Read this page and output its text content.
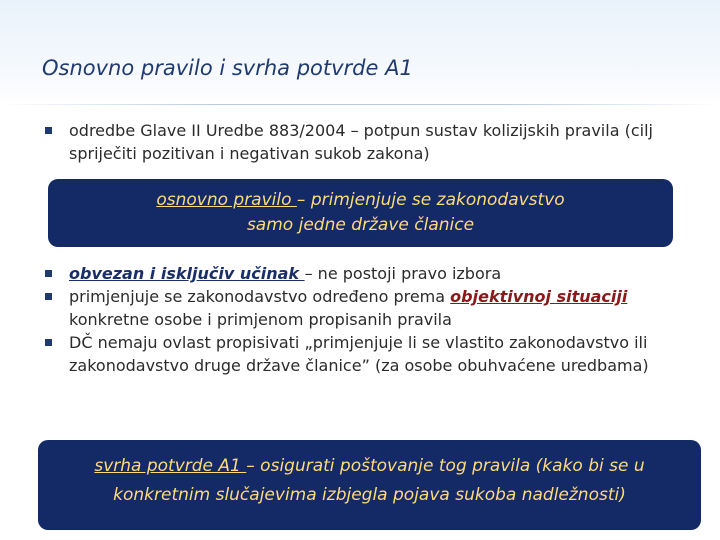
Osnovno pravilo i svrha potvrde A1
odredbe Glave II Uredbe 883/2004 – potpun sustav kolizijskih pravila (cilj spriječiti pozitivan i negativan sukob zakona)
osnovno pravilo – primjenjuje se zakonodavstvo
samo jedne države članice
obvezan i isključiv učinak – ne postoji pravo izbora
primjenjuje se zakonodavstvo određeno prema objektivnoj situaciji konkretne osobe i primjenom propisanih pravila
DČ nemaju ovlast propisivati „primjenjuje li se vlastito zakonodavstvo ili zakonodavstvo druge države članice” (za osobe obuhvaćene uredbama)
svrha potvrde A1 – osigurati poštovanje tog pravila (kako bi se u
konkretnim slučajevima izbjegla pojava sukoba nadležnosti)
